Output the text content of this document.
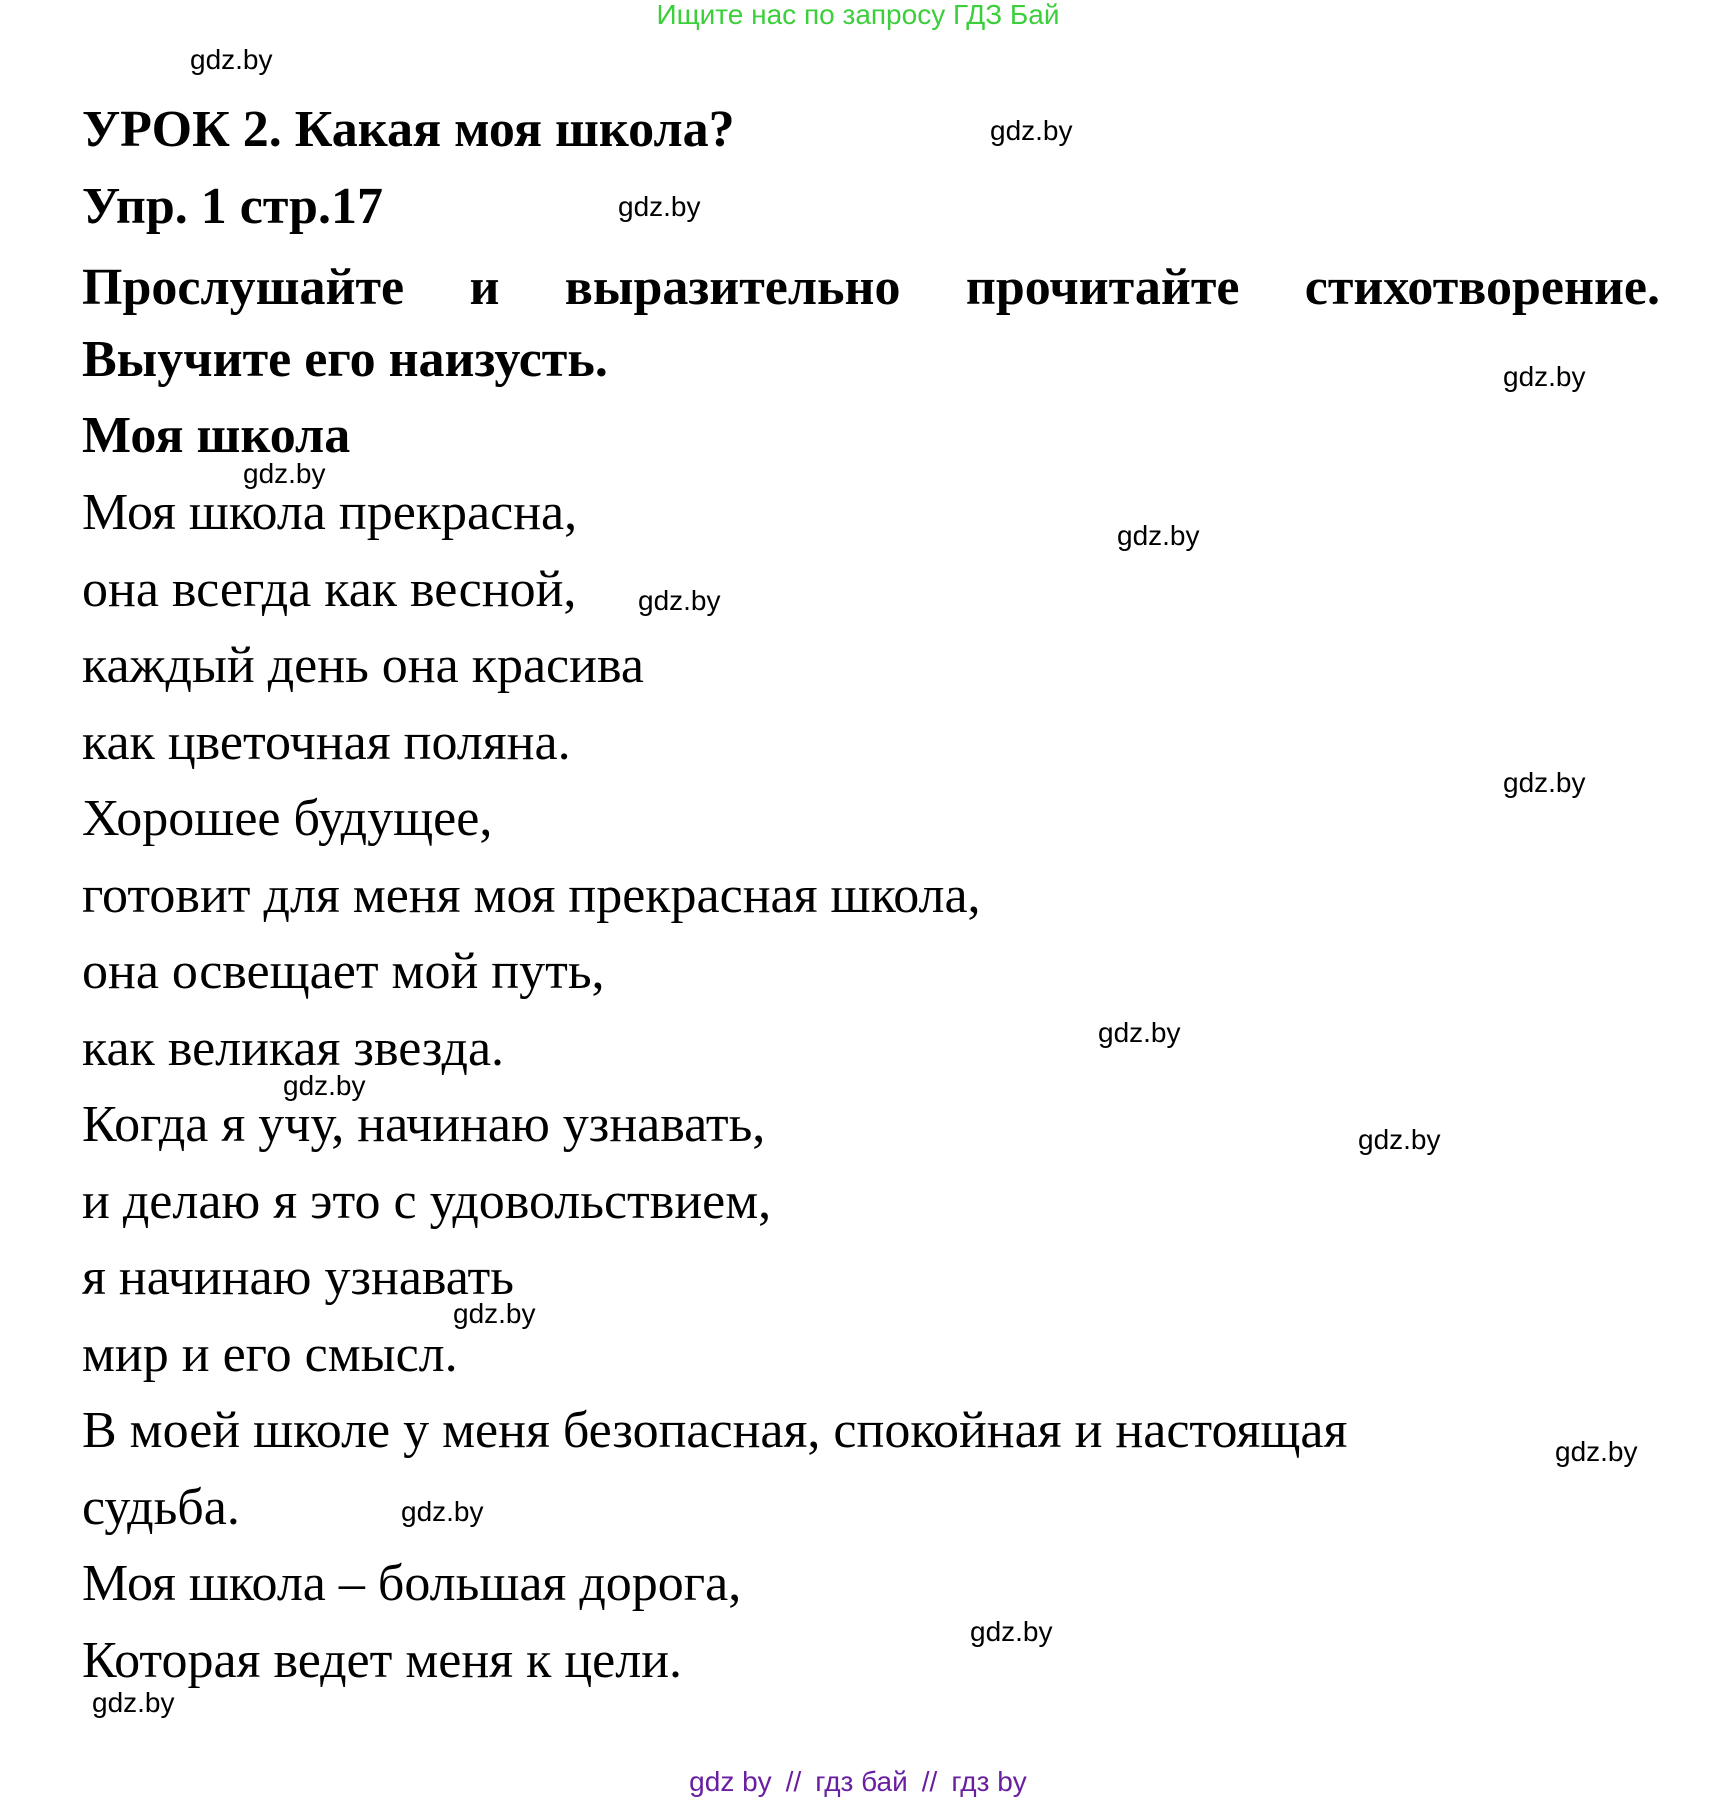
Ищите нас по запросу ГДЗ Бай
УРОК 2. Какая моя школа?
Упр. 1 стр.17
Прослушайте и выразительно прочитайте стихотворение.
Выучите его наизусть.
Моя школа
Моя школа прекрасна,
она всегда как весной,
каждый день она красива
как цветочная поляна.
Хорошее будущее,
готовит для меня моя прекрасная школа,
она освещает мой путь,
как великая звезда.
Когда я учу, начинаю узнавать,
и делаю я это с удовольствием,
я начинаю узнавать
мир и его смысл.
В моей школе у меня безопасная, спокойная и настоящая
судьба.
Моя школа – большая дорога,
Которая ведет меня к цели.
gdz.by
gdz.by
gdz.by
gdz.by
gdz.by
gdz.by
gdz.by
gdz.by
gdz.by
gdz.by
gdz.by
gdz.by
gdz.by
gdz.by
gdz.by
gdz.by
gdz by // гдз бай // гдз by
